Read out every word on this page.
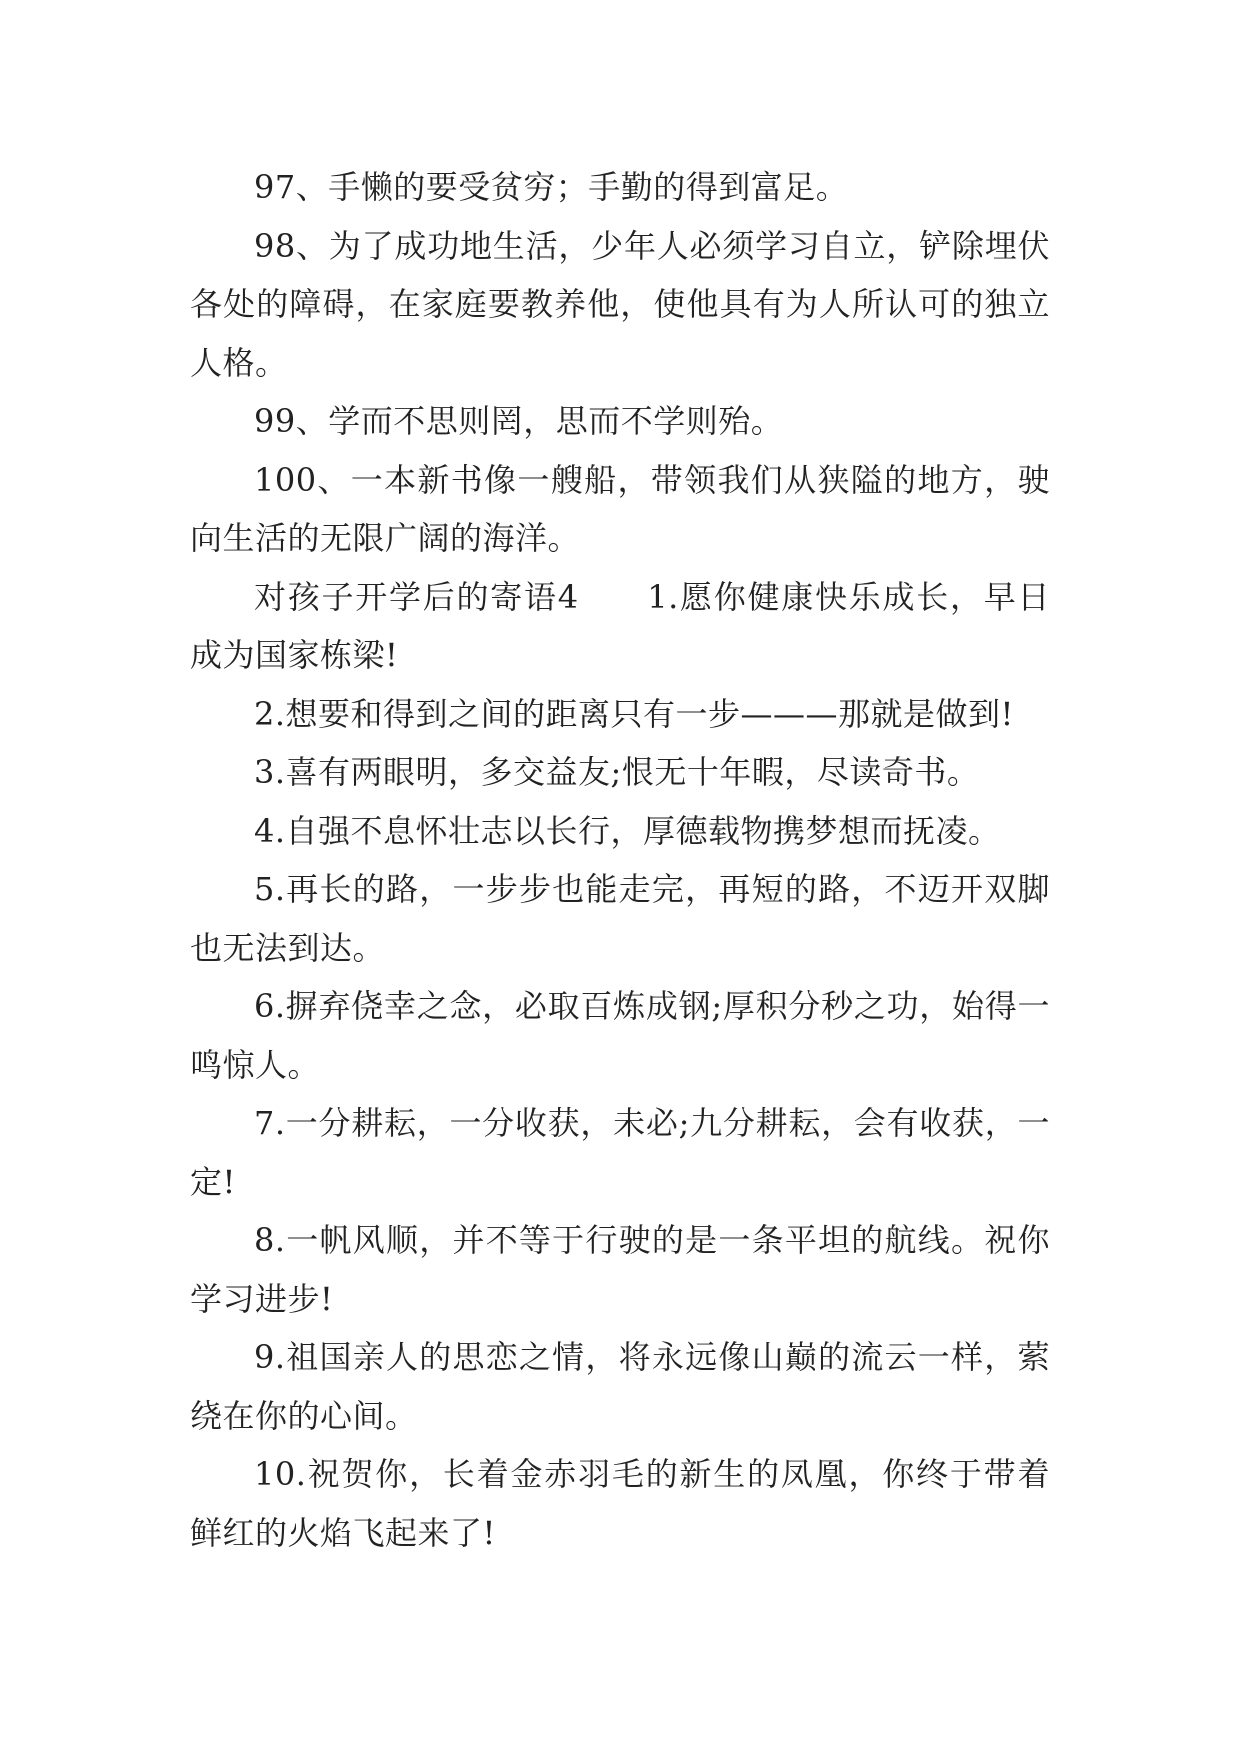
97、手懒的要受贫穷；手勤的得到富足。

98、为了成功地生活，少年人必须学习自立，铲除埋伏各处的障碍，在家庭要教养他，使他具有为人所认可的独立人格。

99、学而不思则罔，思而不学则殆。

100、一本新书像一艘船，带领我们从狭隘的地方，驶向生活的无限广阔的海洋。

对孩子开学后的寄语4　　1.愿你健康快乐成长，早日成为国家栋梁!

2.想要和得到之间的距离只有一步———那就是做到!

3.喜有两眼明，多交益友;恨无十年暇，尽读奇书。

4.自强不息怀壮志以长行，厚德载物携梦想而抚凌。

5.再长的路，一步步也能走完，再短的路，不迈开双脚也无法到达。

6.摒弃侥幸之念，必取百炼成钢;厚积分秒之功，始得一鸣惊人。

7.一分耕耘，一分收获，未必;九分耕耘，会有收获，一定!

8.一帆风顺，并不等于行驶的是一条平坦的航线。祝你学习进步!

9.祖国亲人的思恋之情，将永远像山巅的流云一样，萦绕在你的心间。

10.祝贺你，长着金赤羽毛的新生的凤凰，你终于带着鲜红的火焰飞起来了!
